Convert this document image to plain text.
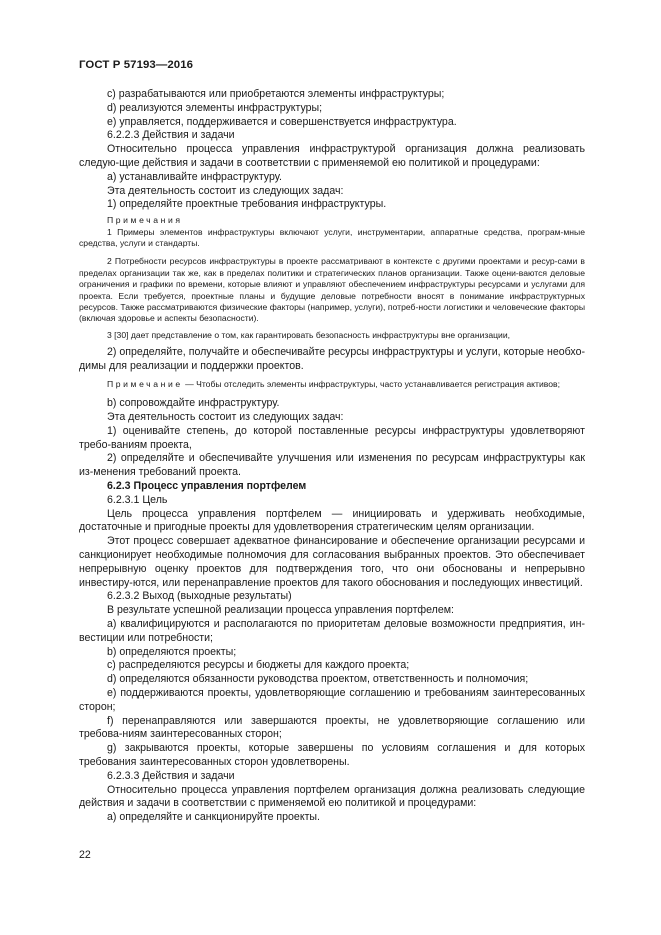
ГОСТ Р 57193—2016

c) разрабатываются или приобретаются элементы инфраструктуры;

d) реализуются элементы инфраструктуры;

e) управляется, поддерживается и совершенствуется инфраструктура.

6.2.2.3 Действия и задачи

Относительно процесса управления инфраструктурой организация должна реализовать следую-щие действия и задачи в соответствии с применяемой ею политикой и процедурами:

a) устанавливайте инфраструктуру.

Эта деятельность состоит из следующих задач:

1) определяйте проектные требования инфраструктуры.

Примечания

1 Примеры элементов инфраструктуры включают услуги, инструментарии, аппаратные средства, програм-мные средства, услуги и стандарты.

2 Потребности ресурсов инфраструктуры в проекте рассматривают в контексте с другими проектами и ресур-сами в пределах организации так же, как в пределах политики и стратегических планов организации. Также оцени-ваются деловые ограничения и графики по времени, которые влияют и управляют обеспечением инфраструктуры ресурсами и услугами для проекта. Если требуется, проектные планы и будущие деловые потребности вносят в понимание инфраструктурных ресурсов. Также рассматриваются физические факторы (например, услуги), потреб-ности логистики и человеческие факторы (включая здоровье и аспекты безопасности).

3 [30] дает представление о том, как гарантировать безопасность инфраструктуры вне организации,

2) определяйте, получайте и обеспечивайте ресурсы инфраструктуры и услуги, которые необхо-димы для реализации и поддержки проектов.

Примечание — Чтобы отследить элементы инфраструктуры, часто устанавливается регистрация активов;

b) сопровождайте инфраструктуру.

Эта деятельность состоит из следующих задач:

1) оценивайте степень, до которой поставленные ресурсы инфраструктуры удовлетворяют требо-ваниям проекта,

2) определяйте и обеспечивайте улучшения или изменения по ресурсам инфраструктуры как из-менения требований проекта.

6.2.3 Процесс управления портфелем

6.2.3.1 Цель

Цель процесса управления портфелем — инициировать и удерживать необходимые, достаточные и пригодные проекты для удовлетворения стратегическим целям организации.

Этот процесс совершает адекватное финансирование и обеспечение организации ресурсами и санкционирует необходимые полномочия для согласования выбранных проектов. Это обеспечивает непрерывную оценку проектов для подтверждения того, что они обоснованы и непрерывно инвестиру-ются, или перенаправление проектов для такого обоснования и последующих инвестиций.

6.2.3.2 Выход (выходные результаты)

В результате успешной реализации процесса управления портфелем:

a) квалифицируются и располагаются по приоритетам деловые возможности предприятия, ин-вестиции или потребности;

b) определяются проекты;

c) распределяются ресурсы и бюджеты для каждого проекта;

d) определяются обязанности руководства проектом, ответственность и полномочия;

e) поддерживаются проекты, удовлетворяющие соглашению и требованиям заинтересованных сторон;

f) перенаправляются или завершаются проекты, не удовлетворяющие соглашению или требова-ниям заинтересованных сторон;

g) закрываются проекты, которые завершены по условиям соглашения и для которых требования заинтересованных сторон удовлетворены.

6.2.3.3 Действия и задачи

Относительно процесса управления портфелем организация должна реализовать следующие действия и задачи в соответствии с применяемой ею политикой и процедурами:

a) определяйте и санкционируйте проекты.

22
